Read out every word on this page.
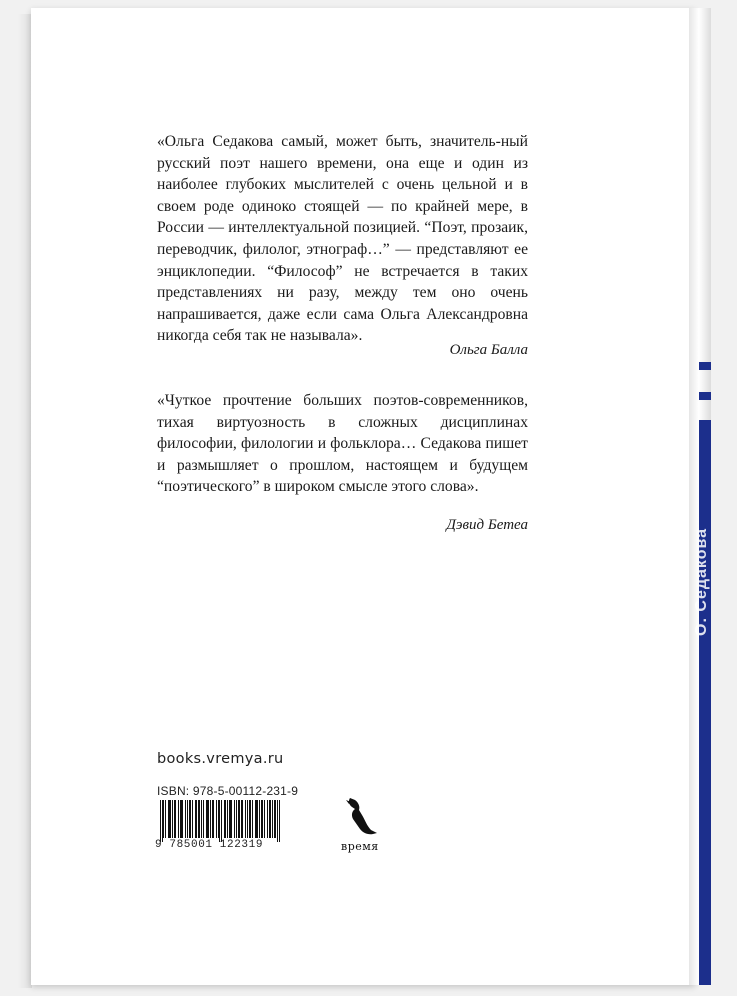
О. Седакова

«Ольга Седакова самый, может быть, значитель-ный русский поэт нашего времени, она еще и один из наиболее глубоких мыслителей с очень цельной и в своем роде одиноко стоящей — по крайней мере, в России — интеллектуальной позицией. “Поэт, прозаик, переводчик, филолог, этнограф…” — представляют ее энциклопедии. “Философ” не встречается в таких представлениях ни разу, между тем оно очень напрашивается, даже если сама Ольга Александровна никогда себя так не называла».

Ольга Балла

«Чуткое прочтение больших поэтов-современников, тихая виртуозность в сложных дисциплинах философии, филологии и фольклора… Седакова пишет и размышляет о прошлом, настоящем и будущем “поэтического” в широком смысле этого слова».

Дэвид Бетеа
books.vremya.ru
ISBN: 978-5-00112-231-9
9 785001 122319	время
